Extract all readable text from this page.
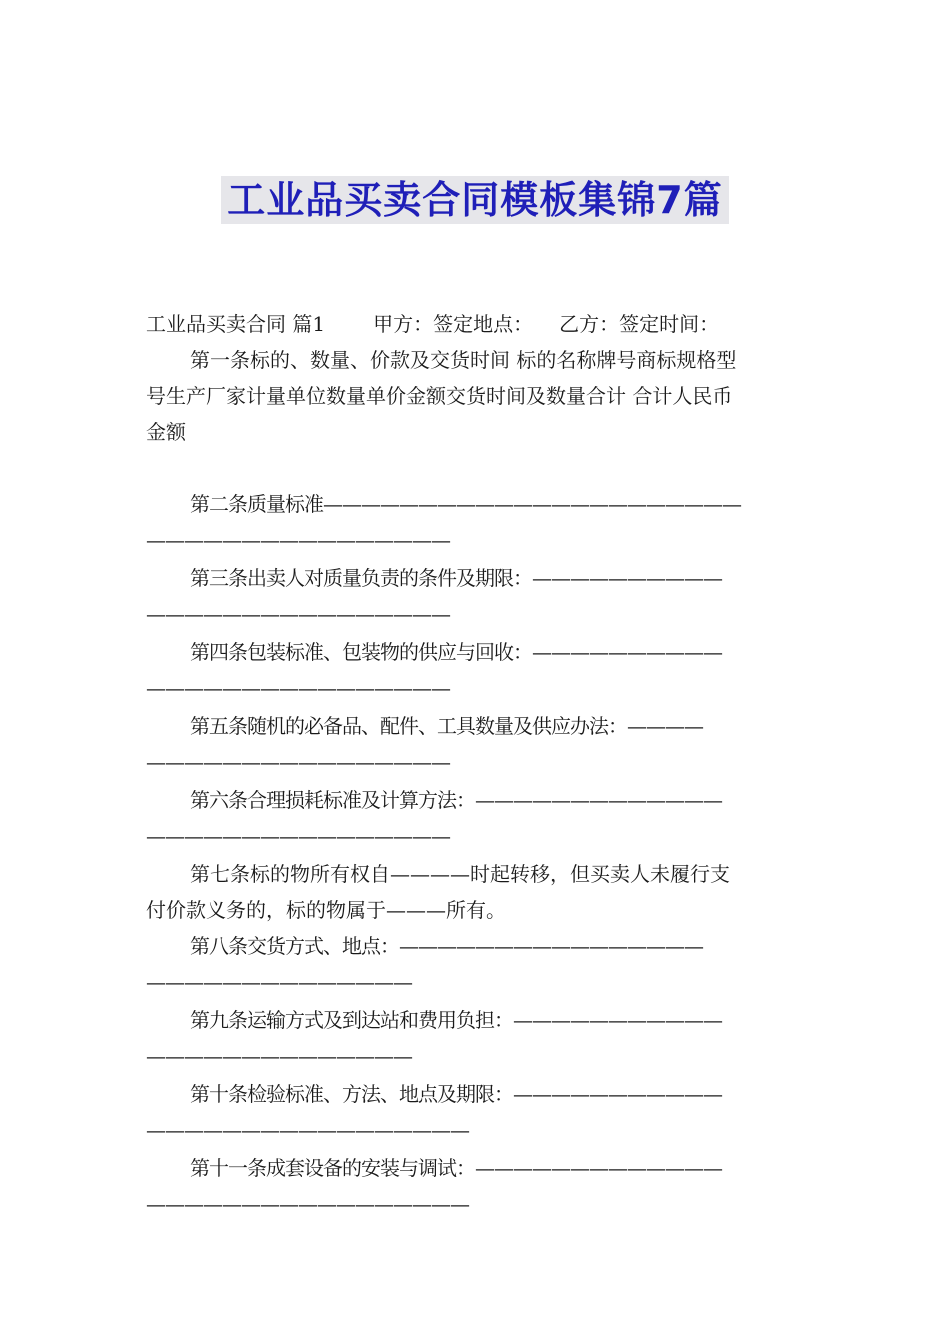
工业品买卖合同模板集锦7篇
工业品买卖合同 篇1 甲方：签定地点： 乙方：签定时间：
第一条标的、数量、价款及交货时间 标的名称牌号商标规格型
号生产厂家计量单位数量单价金额交货时间及数量合计 合计人民币
金额
第二条质量标准——————————————————————
————————————————
第三条出卖人对质量负责的条件及期限：——————————
————————————————
第四条包装标准、包装物的供应与回收：——————————
————————————————
第五条随机的必备品、配件、工具数量及供应办法：————
————————————————
第六条合理损耗标准及计算方法：—————————————
————————————————
第七条标的物所有权自————时起转移，但买卖人未履行支
付价款义务的，标的物属于———所有。
第八条交货方式、地点：————————————————
——————————————
第九条运输方式及到达站和费用负担：———————————
——————————————
第十条检验标准、方法、地点及期限：———————————
—————————————————
第十一条成套设备的安装与调试：—————————————
—————————————————
